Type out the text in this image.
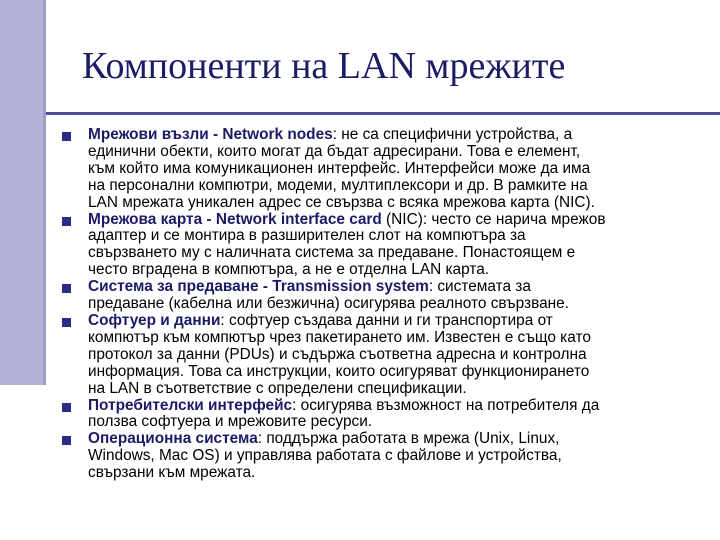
Компоненти на LAN мрежите
Мрежови възли - Network nodes: не са специфични устройства, а
единични обекти, които могат да бъдат адресирани. Това е елемент,
към който има комуникационен интерфейс. Интерфейси може да има
на персонални компютри, модеми, мултиплексори и др. В рамките на
LAN мрежата уникален адрес се свързва с всяка мрежова карта (NIC).
Мрежова карта - Network interface card (NIC): често се нарича мрежов
адаптер и се монтира в разширителен слот на компютъра за
свързването му с наличната система за предаване. Понастоящем е
често вградена в компютъра, а не е отделна LAN карта.
Система за предаване - Transmission system: системата за
предаване (кабелна или безжична) осигурява реалното свързване.
Софтуер и данни: софтуер създава данни и ги транспортира от
компютър към компютър чрез пакетирането им. Известен е също като
протокол за данни (PDUs) и съдържа съответна адресна и контролна
информация. Това са инструкции, които осигуряват функционирането
на LAN в съответствие с определени спецификации.
Потребителски интерфейс: осигурява възможност на потребителя да
ползва софтуера и мрежовите ресурси.
Операционна система: поддържа работата в мрежа (Unix, Linux,
Windows, Mac OS) и управлява работата с файлове и устройства,
свързани към мрежата.
